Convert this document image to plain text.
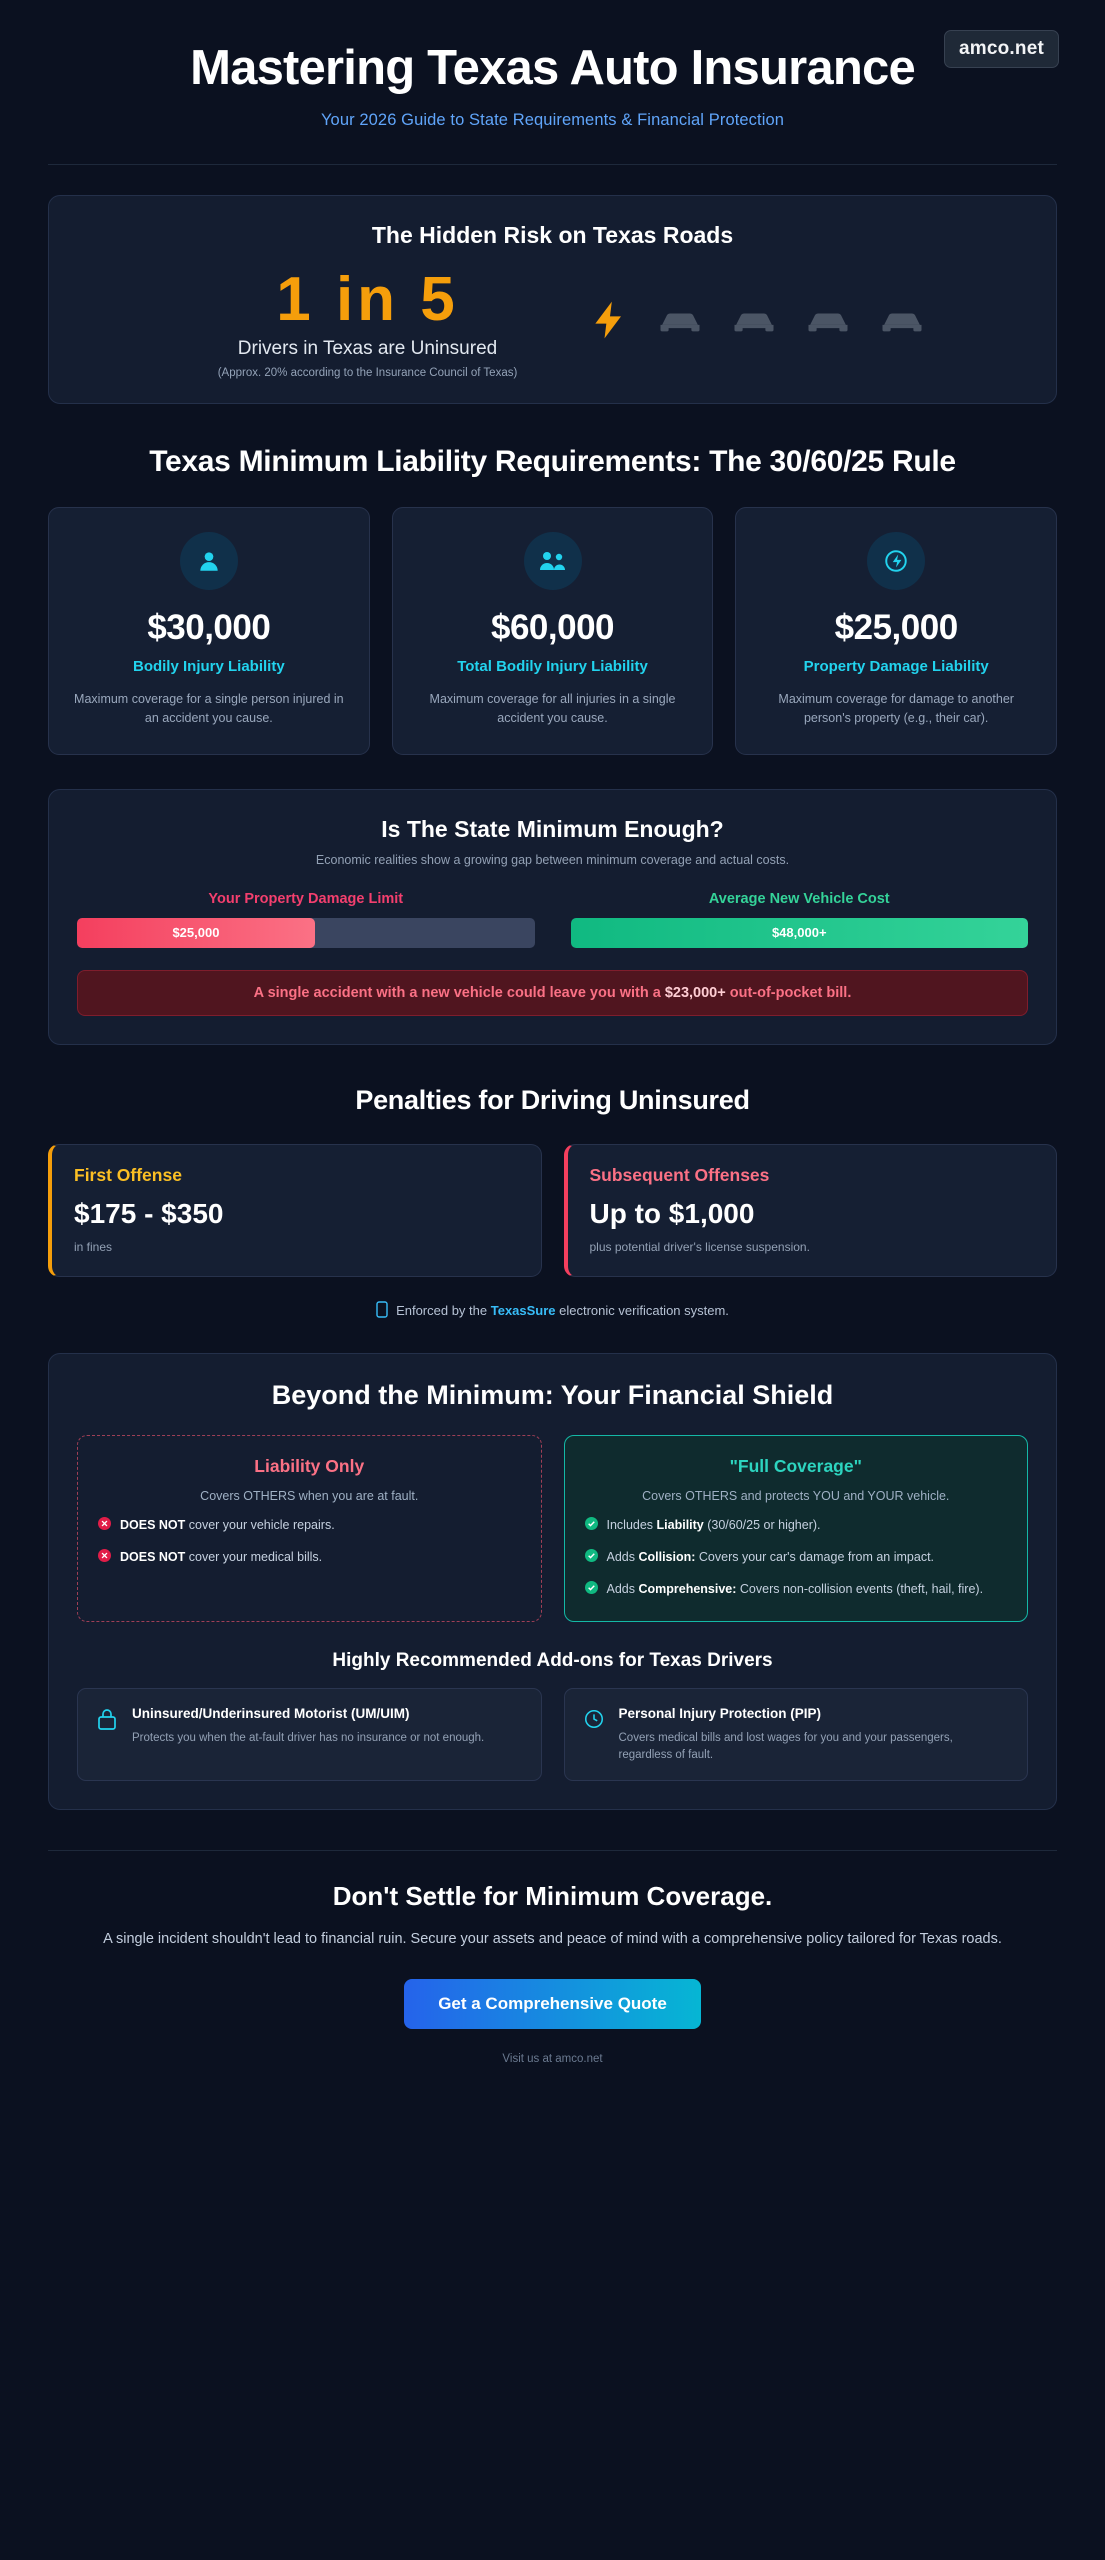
amco.net
Mastering Texas Auto Insurance
Your 2026 Guide to State Requirements & Financial Protection
The Hidden Risk on Texas Roads
1 in 5
Drivers in Texas are Uninsured
(Approx. 20% according to the Insurance Council of Texas)
Texas Minimum Liability Requirements: The 30/60/25 Rule
$30,000
Bodily Injury Liability
Maximum coverage for a single person injured in an accident you cause.
$60,000
Total Bodily Injury Liability
Maximum coverage for all injuries in a single accident you cause.
$25,000
Property Damage Liability
Maximum coverage for damage to another person's property (e.g., their car).
Is The State Minimum Enough?

Economic realities show a growing gap between minimum coverage and actual costs.

Your Property Damage Limit
$25,000
Average New Vehicle Cost
$48,000+
A single accident with a new vehicle could leave you with a $23,000+ out-of-pocket bill.
Penalties for Driving Uninsured
First Offense
$175 - $350
in fines
Subsequent Offenses
Up to $1,000
plus potential driver's license suspension.
Enforced by the TexasSure electronic verification system.
Beyond the Minimum: Your Financial Shield
Liability Only
Covers OTHERS when you are at fault.
DOES NOT cover your vehicle repairs.
DOES NOT cover your medical bills.
"Full Coverage"
Covers OTHERS and protects YOU and YOUR vehicle.
Includes Liability (30/60/25 or higher).
Adds Collision: Covers your car's damage from an impact.
Adds Comprehensive: Covers non-collision events (theft, hail, fire).
Highly Recommended Add-ons for Texas Drivers
Uninsured/Underinsured Motorist (UM/UIM)
Protects you when the at-fault driver has no insurance or not enough.
Personal Injury Protection (PIP)
Covers medical bills and lost wages for you and your passengers, regardless of fault.
Don't Settle for Minimum Coverage.
A single incident shouldn't lead to financial ruin. Secure your assets and peace of mind with a comprehensive policy tailored for Texas roads.
Get a Comprehensive Quote
Visit us at amco.net
